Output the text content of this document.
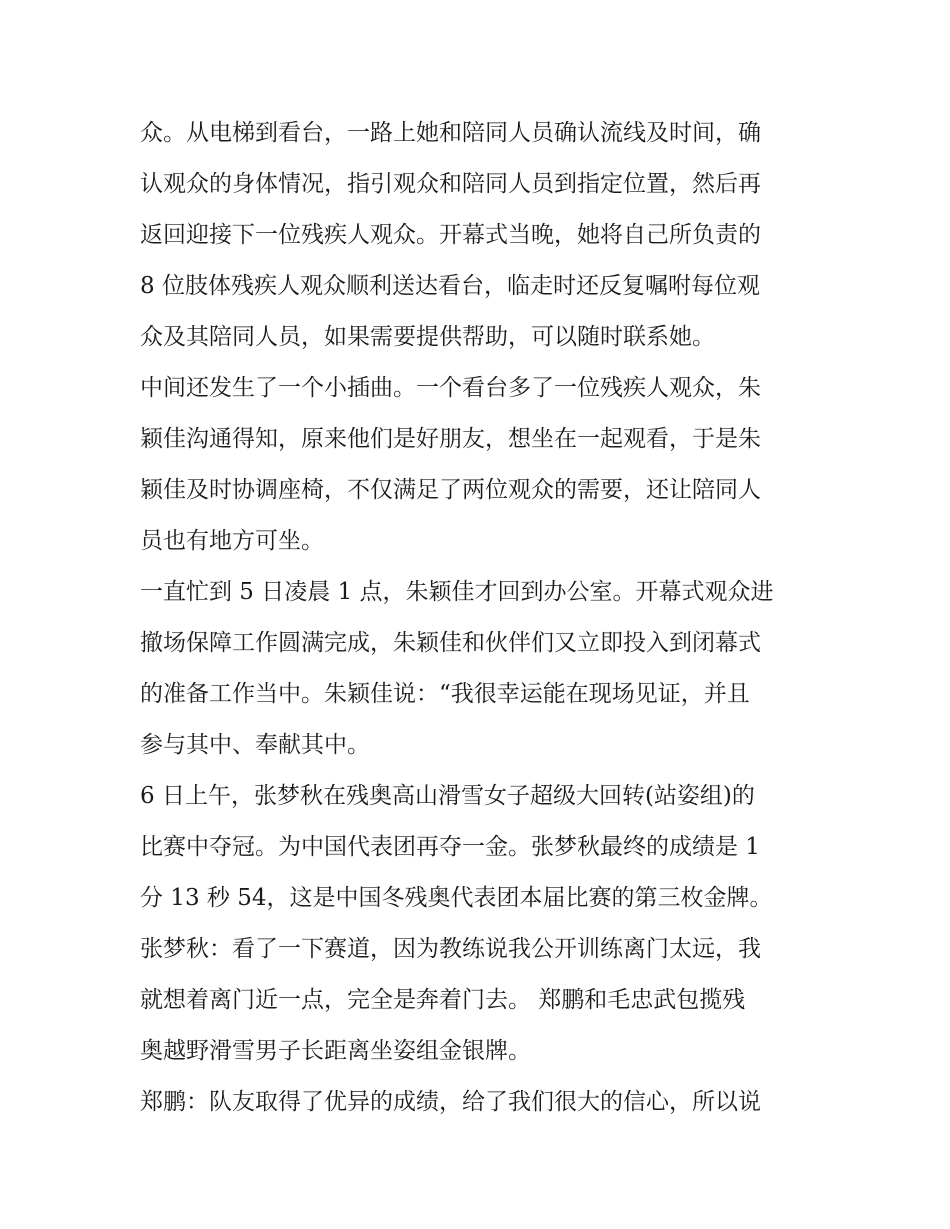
众。从电梯到看台，一路上她和陪同人员确认流线及时间，确
认观众的身体情况，指引观众和陪同人员到指定位置，然后再
返回迎接下一位残疾人观众。开幕式当晚，她将自己所负责的
8 位肢体残疾人观众顺利送达看台，临走时还反复嘱咐每位观
众及其陪同人员，如果需要提供帮助，可以随时联系她。
中间还发生了一个小插曲。一个看台多了一位残疾人观众，朱
颖佳沟通得知，原来他们是好朋友，想坐在一起观看，于是朱
颖佳及时协调座椅，不仅满足了两位观众的需要，还让陪同人
员也有地方可坐。
一直忙到 5 日凌晨 1 点，朱颖佳才回到办公室。开幕式观众进
撤场保障工作圆满完成，朱颖佳和伙伴们又立即投入到闭幕式
的准备工作当中。朱颖佳说：“我很幸运能在现场见证，并且
参与其中、奉献其中。
6 日上午，张梦秋在残奥高山滑雪女子超级大回转(站姿组)的
比赛中夺冠。为中国代表团再夺一金。张梦秋最终的成绩是 1
分 13 秒 54，这是中国冬残奥代表团本届比赛的第三枚金牌。
张梦秋：看了一下赛道，因为教练说我公开训练离门太远，我
就想着离门近一点，完全是奔着门去。 郑鹏和毛忠武包揽残
奥越野滑雪男子长距离坐姿组金银牌。
郑鹏：队友取得了优异的成绩，给了我们很大的信心，所以说
